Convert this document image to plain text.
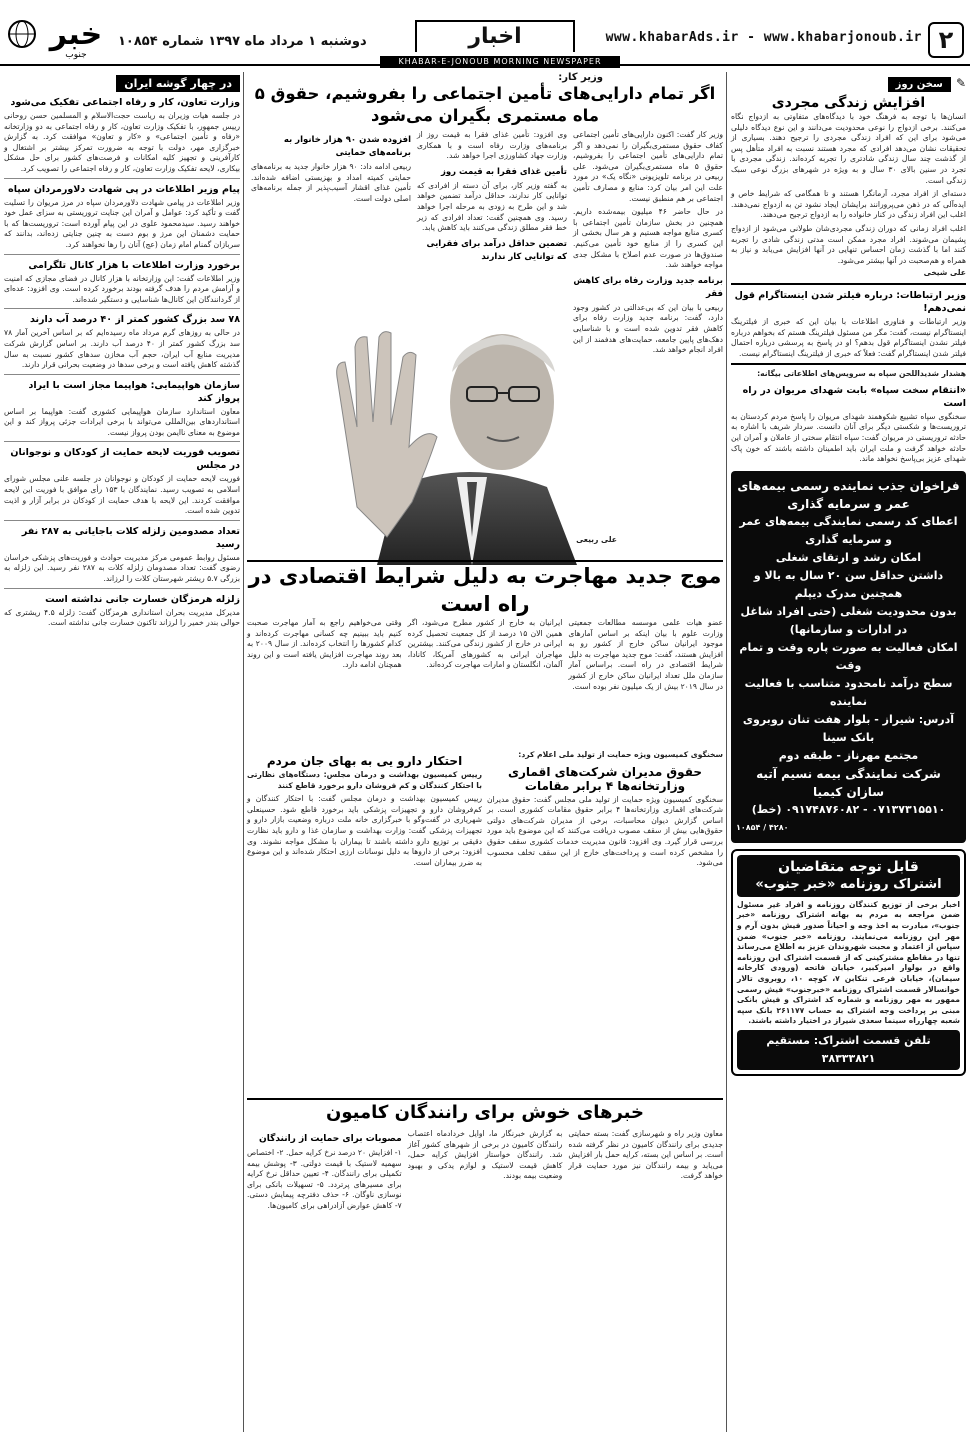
۲
www.khabarAds.ir - www.khabarjonoub.ir
اخبار
دوشنبه ۱ مرداد ماه ۱۳۹۷ شماره ۱۰۸۵۴
خبر
جنوب
KHABAR-E-JONOUB MORNING NEWSPAPER
سخن روز ✎
افزایش زندگی مجردی
انسان‌ها با توجه به فرهنگ خود با دیدگاه‌های متفاوتی به ازدواج نگاه می‌کنند. برخی ازدواج را نوعی محدودیت می‌دانند و این نوع دیدگاه دلیلی می‌شود برای این که افراد زندگی مجردی را ترجیح دهند. بسیاری از تحقیقات نشان می‌دهد افرادی که مجرد هستند نسبت به افراد متأهل پس از گذشت چند سال زندگی شادتری را تجربه کرده‌اند. زندگی مجردی با تجرد در سنین بالای ۳۰ سال و به ویژه در شهرهای بزرگ نوعی سبک زندگی است.
دسته‌ای از افراد مجرد، آرمانگرا هستند و تا همگامی که شرایط خاص و ایده‌آلی که در ذهن می‌پرورانند برایشان ایجاد نشود تن به ازدواج نمی‌دهند. اغلب این افراد زندگی در کنار خانواده را به ازدواج ترجیح می‌دهند.
اغلب افراد زمانی که دوران زندگی مجردی‌شان طولانی می‌شود از ازدواج پشیمان می‌شوند. افراد مجرد ممکن است مدتی زندگی شادی را تجربه کنند اما با گذشت زمان احساس تنهایی در آنها افزایش می‌یابد و نیاز به همراه و هم‌صحبت در آنها بیشتر می‌شود.
علی شیخی
وزیر ارتباطات: درباره فیلتر شدن اینستاگرام قول نمی‌دهم!
وزیر ارتباطات و فناوری اطلاعات با بیان این که خبری از فیلترینگ اینستاگرام نیست، گفت: مگر من مسئول فیلترینگ هستم که بخواهم درباره فیلتر نشدن اینستاگرام قول بدهم؟ او در پاسخ به پرسشی درباره احتمال فیلتر شدن اینستاگرام گفت: فعلاً که خبری از فیلترینگ اینستاگرام نیست.
هشدار شدیداللحن سپاه به سرویس‌های اطلاعاتی بیگانه:
«انتقام سخت سپاه» بابت شهدای مریوان در راه است
سخنگوی سپاه تشییع شکوهمند شهدای مریوان را پاسخ مردم کردستان به تروریست‌ها و شکستی دیگر برای آنان دانست. سردار شریف با اشاره به حادثه تروریستی در مریوان گفت: سپاه انتقام سختی از عاملان و آمران این حادثه خواهد گرفت و ملت ایران باید اطمینان داشته باشند که خون پاک شهدای عزیز بی‌پاسخ نخواهد ماند.
فراخوان جذب نماینده رسمی بیمه‌های عمر و سرمایه گذاری
اعطای کد رسمی نمایندگی بیمه‌های عمر و سرمایه گذاری
امکان رشد و ارتقای شغلی
داشتن حداقل سن ۲۰ سال به بالا و همچنین مدرک دیپلم
بدون محدودیت شغلی (حتی افراد شاغل در ادارات و سازمانها)
امکان فعالیت به صورت پاره وقت و تمام وقت
سطح درآمد نامحدود متناسب با فعالیت نماینده
آدرس: شیراز - بلوار هفت تنان روبروی بانک سینا
مجتمع مهرناز - طبقه دوم
شرکت نمایندگی بیمه نسیم آتیه سازان کیمیا
۰۷۱۳۷۳۱۵۵۱۰ - ۰۹۱۷۴۸۷۶۰۸۲ (خط)
۴۲۸۰ / ۱۰۸۵۴
قابل توجه متقاضیان
اشتراک روزنامه «خبر جنوب»
اخبار برخی از توزیع کنندگان روزنامه و افراد غیر مسئول ضمن مراجعه به مردم به بهانه اشتراک روزنامه «خبر جنوب»، مبادرت به اخذ وجه و احیاناً صدور فیش بدون آرم و مهر این روزنامه می‌نمایند. روزنامه «خبر جنوب» ضمن سپاس از اعتماد و محبت شهروندان عزیز به اطلاع می‌رساند تنها در مقاطع مشترکینی که از قسمت اشتراک این روزنامه واقع در بولوار امیرکبیر، خیابان فاتحه (ورودی کارخانه سیمان)، خیابان فرعی تنکابن ۷، کوچه ۱۰، روبروی تالار خوانسالار قسمت اشتراک روزنامه «خبرجنوب» فیش رسمی ممهور به مهر روزنامه و شماره کد اشتراک و فیش بانکی مبنی بر پرداخت وجه اشتراک به حساب ۲۶۱۱۷۷ بانک سپه شعبه چهارراه سینما سعدی شیراز در اختیار داشته باشند.
تلفن قسمت اشتراک: مستقیم ۳۸۳۳۳۸۲۱
وزیر کار:
اگر تمام دارایی‌های تأمین اجتماعی را بفروشیم، حقوق ۵ ماه مستمری بگیران می‌شود
وزیر کار گفت: اکنون دارایی‌های تأمین اجتماعی کفاف حقوق مستمری‌بگیران را نمی‌دهد و اگر تمام دارایی‌های تأمین اجتماعی را بفروشیم، حقوق ۵ ماه مستمری‌بگیران می‌شود. علی ربیعی در برنامه تلویزیونی «نگاه یک» در مورد علت این امر بیان کرد: منابع و مصارف تأمین اجتماعی بر هم منطبق نیست.
در حال حاضر ۴۶ میلیون بیمه‌شده داریم. همچنین در بخش سازمان تأمین اجتماعی با کسری منابع مواجه هستیم و هر سال بخشی از این کسری را از منابع خود تأمین می‌کنیم. صندوق‌ها در صورت عدم اصلاح با مشکل جدی مواجه خواهند شد.
برنامه جدید وزارت رفاه برای کاهش فقر
ربیعی با بیان این که بی‌عدالتی در کشور وجود دارد، گفت: برنامه جدید وزارت رفاه برای کاهش فقر تدوین شده است و با شناسایی دهک‌های پایین جامعه، حمایت‌های هدفمند از این افراد انجام خواهد شد.
وی افزود: تأمین غذای فقرا به قیمت روز از برنامه‌های وزارت رفاه است و با همکاری وزارت جهاد کشاورزی اجرا خواهد شد.
تأمین غذای فقرا به قیمت روز
به گفته وزیر کار، برای آن دسته از افرادی که توانایی کار ندارند، حداقل درآمد تضمین خواهد شد و این طرح به زودی به مرحله اجرا خواهد رسید. وی همچنین گفت: تعداد افرادی که زیر خط فقر مطلق زندگی می‌کنند باید کاهش یابد.
تضمین حداقل درآمد برای فقرایی که توانایی کار ندارند
افزوده شدن ۹۰ هزار خانوار به برنامه‌های حمایتی
ربیعی ادامه داد: ۹۰ هزار خانوار جدید به برنامه‌های حمایتی کمیته امداد و بهزیستی اضافه شده‌اند. تأمین غذای اقشار آسیب‌پذیر از جمله برنامه‌های اصلی دولت است.
علی ربیعی
موج جدید مهاجرت به دلیل شرایط اقتصادی در راه است
عضو هیات علمی موسسه مطالعات جمعیتی وزارت علوم با بیان اینکه بر اساس آمارهای موجود ایرانیان ساکن خارج از کشور رو به افزایش هستند، گفت: موج جدید مهاجرت به دلیل شرایط اقتصادی در راه است. براساس آمار سازمان ملل تعداد ایرانیان ساکن خارج از کشور در سال ۲۰۱۹ بیش از یک میلیون نفر بوده است.
ایرانیان به خارج از کشور مطرح می‌شود، اگر همین الان ۱۵ درصد از کل جمعیت تحصیل کرده ایرانی در خارج از کشور زندگی می‌کنند. بیشترین مهاجران ایرانی به کشورهای آمریکا، کانادا، آلمان، انگلستان و امارات مهاجرت کرده‌اند.
وقتی می‌خواهیم راجع به آمار مهاجرت صحبت کنیم باید ببینیم چه کسانی مهاجرت کرده‌اند و کدام کشورها را انتخاب کرده‌اند. از سال ۲۰۰۹ به بعد روند مهاجرت افزایش یافته است و این روند همچنان ادامه دارد.
سخنگوی کمیسیون ویژه حمایت از تولید ملی اعلام کرد:
حقوق مدیران شرکت‌های اقماری وزارتخانه‌ها ۴ برابر مقامات
سخنگوی کمیسیون ویژه حمایت از تولید ملی مجلس گفت: حقوق مدیران شرکت‌های اقماری وزارتخانه‌ها ۴ برابر حقوق مقامات کشوری است. بر اساس گزارش دیوان محاسبات، برخی از مدیران شرکت‌های دولتی حقوق‌هایی بیش از سقف مصوب دریافت می‌کنند که این موضوع باید مورد بررسی قرار گیرد. وی افزود: قانون مدیریت خدمات کشوری سقف حقوق را مشخص کرده است و پرداخت‌های خارج از این سقف تخلف محسوب می‌شود.
احتکار دارو یی به بهای جان مردم
رییس کمیسیون بهداشت و درمان مجلس: دستگاه‌های نظارتی با احتکار کنندگان و کم فروشان دارو برخورد قاطع کنند
رییس کمیسیون بهداشت و درمان مجلس گفت: با احتکار کنندگان و کم‌فروشان دارو و تجهیزات پزشکی باید برخورد قاطع شود. حسینعلی شهریاری در گفت‌وگو با خبرگزاری خانه ملت درباره وضعیت بازار دارو و تجهیزات پزشکی گفت: وزارت بهداشت و سازمان غذا و دارو باید نظارت دقیقی بر توزیع دارو داشته باشند تا بیماران با مشکل مواجه نشوند. وی افزود: برخی از داروها به دلیل نوسانات ارزی احتکار شده‌اند و این موضوع به ضرر بیماران است.
خبرهای خوش برای رانندگان کامیون
معاون وزیر راه و شهرسازی گفت: بسته حمایتی جدیدی برای رانندگان کامیون در نظر گرفته شده است. بر اساس این بسته، کرایه حمل بار افزایش می‌یابد و بیمه رانندگان نیز مورد حمایت قرار خواهد گرفت.
به گزارش خبرنگار ما، اوایل خردادماه اعتصاب رانندگان کامیون در برخی از شهرهای کشور آغاز شد. رانندگان خواستار افزایش کرایه حمل، کاهش قیمت لاستیک و لوازم یدکی و بهبود وضعیت بیمه بودند.
مصوبات برای حمایت از رانندگان
۱- افزایش ۲۰ درصد نرخ کرایه حمل. ۲- اختصاص سهمیه لاستیک با قیمت دولتی. ۳- پوشش بیمه تکمیلی برای رانندگان. ۴- تعیین حداقل نرخ کرایه برای مسیرهای پرتردد. ۵- تسهیلات بانکی برای نوسازی ناوگان. ۶- حذف دفترچه پیمایش دستی. ۷- کاهش عوارض آزادراهی برای کامیون‌ها.
در چهار گوشه ایران
وزارت تعاون، کار و رفاه اجتماعی تفکیک می‌شود
در جلسه هیات وزیران به ریاست حجت‌الاسلام و المسلمین حسن روحانی رییس جمهور، با تفکیک وزارت تعاون، کار و رفاه اجتماعی به دو وزارتخانه «رفاه و تأمین اجتماعی» و «کار و تعاون» موافقت کرد. به گزارش خبرگزاری مهر، دولت با توجه به ضرورت تمرکز بیشتر بر اشتغال و کارآفرینی و تجهیز کلیه امکانات و فرصت‌های کشور برای حل مشکل بیکاری، لایحه تفکیک وزارت تعاون، کار و رفاه اجتماعی را تصویب کرد.
پیام وزیر اطلاعات در پی شهادت دلاورمردان سپاه
وزیر اطلاعات در پیامی شهادت دلاورمردان سپاه در مرز مریوان را تسلیت گفت و تأکید کرد: عوامل و آمران این جنایت تروریستی به سزای عمل خود خواهند رسید. سیدمحمود علوی در این پیام آورده است: تروریست‌ها که با حمایت دشمنان این مرز و بوم دست به چنین جنایتی زده‌اند، بدانند که سربازان گمنام امام زمان (عج) آنان را رها نخواهند کرد.
برخورد وزارت اطلاعات با هزار کانال تلگرامی
وزیر اطلاعات گفت: این وزارتخانه با هزار کانال در فضای مجازی که امنیت و آرامش مردم را هدف گرفته بودند برخورد کرده است. وی افزود: عده‌ای از گردانندگان این کانال‌ها شناسایی و دستگیر شده‌اند.
۷۸ سد بزرگ کشور کمتر از ۴۰ درصد آب دارند
در حالی به روزهای گرم مرداد ماه رسیده‌ایم که بر اساس آخرین آمار ۷۸ سد بزرگ کشور کمتر از ۴۰ درصد آب دارند. بر اساس گزارش شرکت مدیریت منابع آب ایران، حجم آب مخازن سدهای کشور نسبت به سال گذشته کاهش یافته است و برخی سدها در وضعیت بحرانی قرار دارند.
سازمان هواپیمایی: هواپیما مجاز است با ایراد پرواز کند
معاون استاندارد سازمان هواپیمایی کشوری گفت: هواپیما بر اساس استانداردهای بین‌المللی می‌تواند با برخی ایرادات جزئی پرواز کند و این موضوع به معنای ناایمن بودن پرواز نیست.
تصویب فوریت لایحه حمایت از کودکان و نوجوانان در مجلس
فوریت لایحه حمایت از کودکان و نوجوانان در جلسه علنی مجلس شورای اسلامی به تصویب رسید. نمایندگان با ۱۵۳ رأی موافق با فوریت این لایحه موافقت کردند. این لایحه با هدف حمایت از کودکان در برابر آزار و اذیت تدوین شده است.
تعداد مصدومین زلزله کلات باجایانی به ۲۸۷ نفر رسید
مسئول روابط عمومی مرکز مدیریت حوادث و فوریت‌های پزشکی خراسان رضوی گفت: تعداد مصدومان زلزله کلات به ۲۸۷ نفر رسید. این زلزله به بزرگی ۵.۷ ریشتر شهرستان کلات را لرزاند.
زلزله هرمزگان خسارت جانی نداشته است
مدیرکل مدیریت بحران استانداری هرمزگان گفت: زلزله ۴.۵ ریشتری که حوالی بندر خمیر را لرزاند تاکنون خسارت جانی نداشته است.
